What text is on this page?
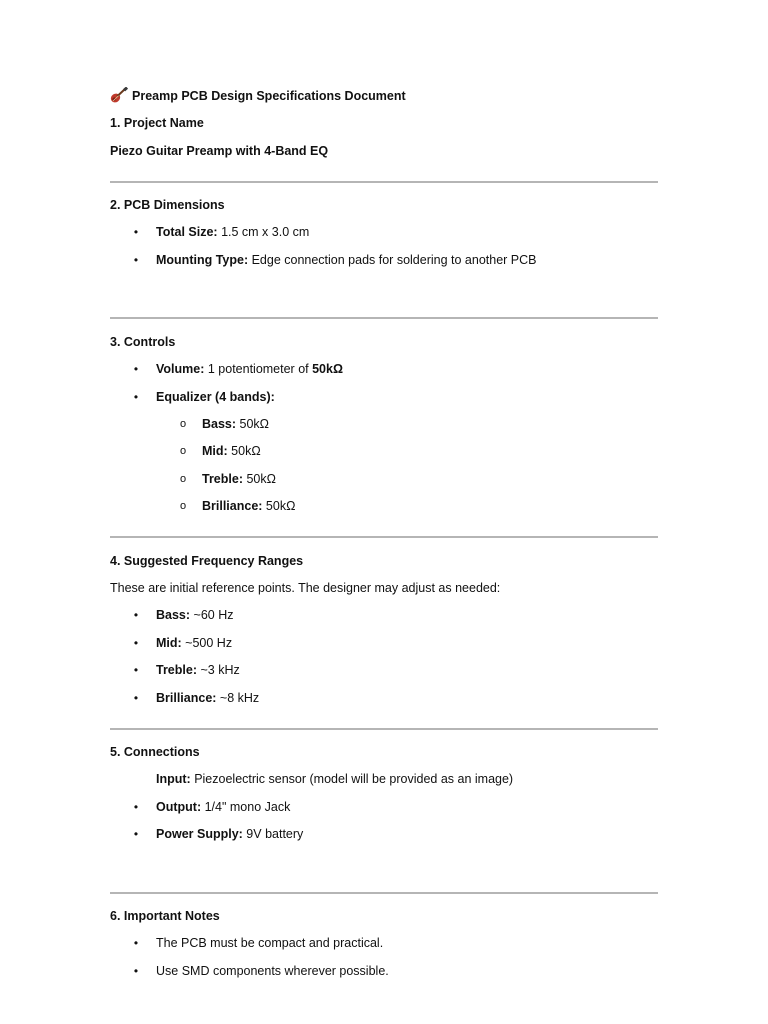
Preamp PCB Design Specifications Document
1. Project Name
Piezo Guitar Preamp with 4-Band EQ
2. PCB Dimensions
• Total Size: 1.5 cm x 3.0 cm
• Mounting Type: Edge connection pads for soldering to another PCB
3. Controls
• Volume: 1 potentiometer of 50kΩ
• Equalizer (4 bands):
o Bass: 50kΩ
o Mid: 50kΩ
o Treble: 50kΩ
o Brilliance: 50kΩ
4. Suggested Frequency Ranges
These are initial reference points. The designer may adjust as needed:
• Bass: ~60 Hz
• Mid: ~500 Hz
• Treble: ~3 kHz
• Brilliance: ~8 kHz
5. Connections
Input: Piezoelectric sensor (model will be provided as an image)
• Output: 1/4" mono Jack
• Power Supply: 9V battery
6. Important Notes
• The PCB must be compact and practical.
• Use SMD components wherever possible.
